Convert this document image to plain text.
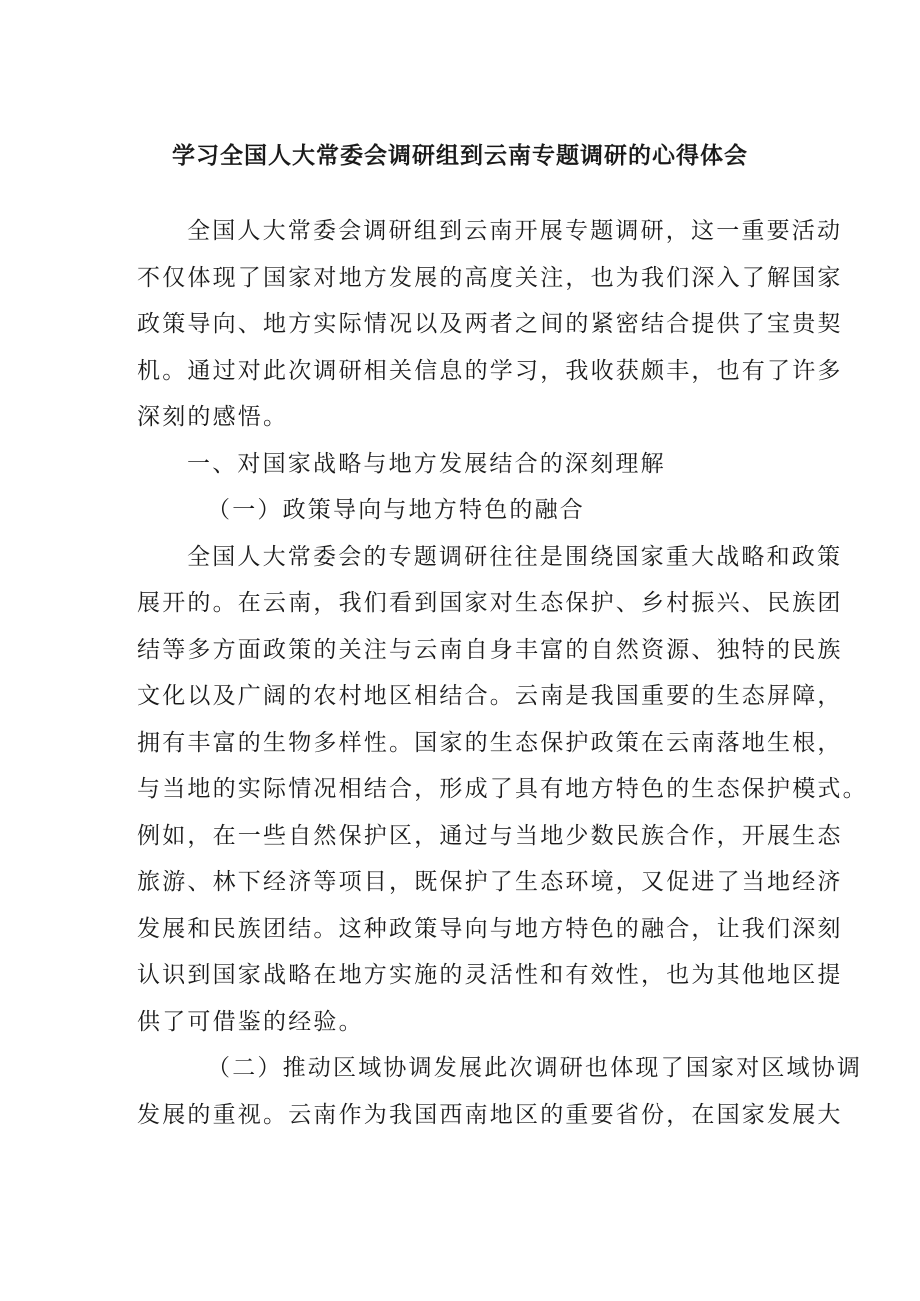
学习全国人大常委会调研组到云南专题调研的心得体会
全国人大常委会调研组到云南开展专题调研，这一重要活动
不仅体现了国家对地方发展的高度关注，也为我们深入了解国家
政策导向、地方实际情况以及两者之间的紧密结合提供了宝贵契
机。通过对此次调研相关信息的学习，我收获颇丰，也有了许多
深刻的感悟。
一、对国家战略与地方发展结合的深刻理解
（一）政策导向与地方特色的融合
全国人大常委会的专题调研往往是围绕国家重大战略和政策
展开的。在云南，我们看到国家对生态保护、乡村振兴、民族团
结等多方面政策的关注与云南自身丰富的自然资源、独特的民族
文化以及广阔的农村地区相结合。云南是我国重要的生态屏障，
拥有丰富的生物多样性。国家的生态保护政策在云南落地生根，
与当地的实际情况相结合，形成了具有地方特色的生态保护模式。
例如，在一些自然保护区，通过与当地少数民族合作，开展生态
旅游、林下经济等项目，既保护了生态环境，又促进了当地经济
发展和民族团结。这种政策导向与地方特色的融合，让我们深刻
认识到国家战略在地方实施的灵活性和有效性，也为其他地区提
供了可借鉴的经验。
（二）推动区域协调发展此次调研也体现了国家对区域协调
发展的重视。云南作为我国西南地区的重要省份，在国家发展大
